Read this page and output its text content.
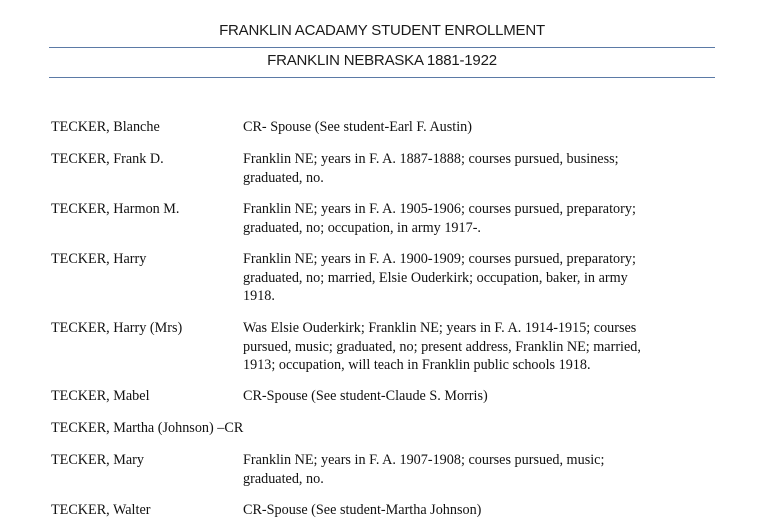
FRANKLIN ACADAMY STUDENT ENROLLMENT
FRANKLIN NEBRASKA 1881-1922
TECKER, Blanche	CR- Spouse (See student-Earl F. Austin)
TECKER, Frank D.	Franklin NE; years in F. A. 1887-1888; courses pursued, business;
graduated, no.
TECKER, Harmon M.	Franklin NE; years in F. A. 1905-1906; courses pursued, preparatory;
graduated, no; occupation, in army 1917-.
TECKER, Harry	Franklin NE; years in F. A. 1900-1909; courses pursued, preparatory;
graduated, no; married, Elsie Ouderkirk; occupation, baker, in army
1918.
TECKER, Harry (Mrs)	Was Elsie Ouderkirk; Franklin NE; years in F. A. 1914-1915; courses
pursued, music; graduated, no; present address, Franklin NE; married,
1913; occupation, will teach in Franklin public schools 1918.
TECKER, Mabel	CR-Spouse (See student-Claude S. Morris)
TECKER, Martha (Johnson) –CR
TECKER, Mary	Franklin NE; years in F. A. 1907-1908; courses pursued, music;
graduated, no.
TECKER, Walter	CR-Spouse (See student-Martha Johnson)
